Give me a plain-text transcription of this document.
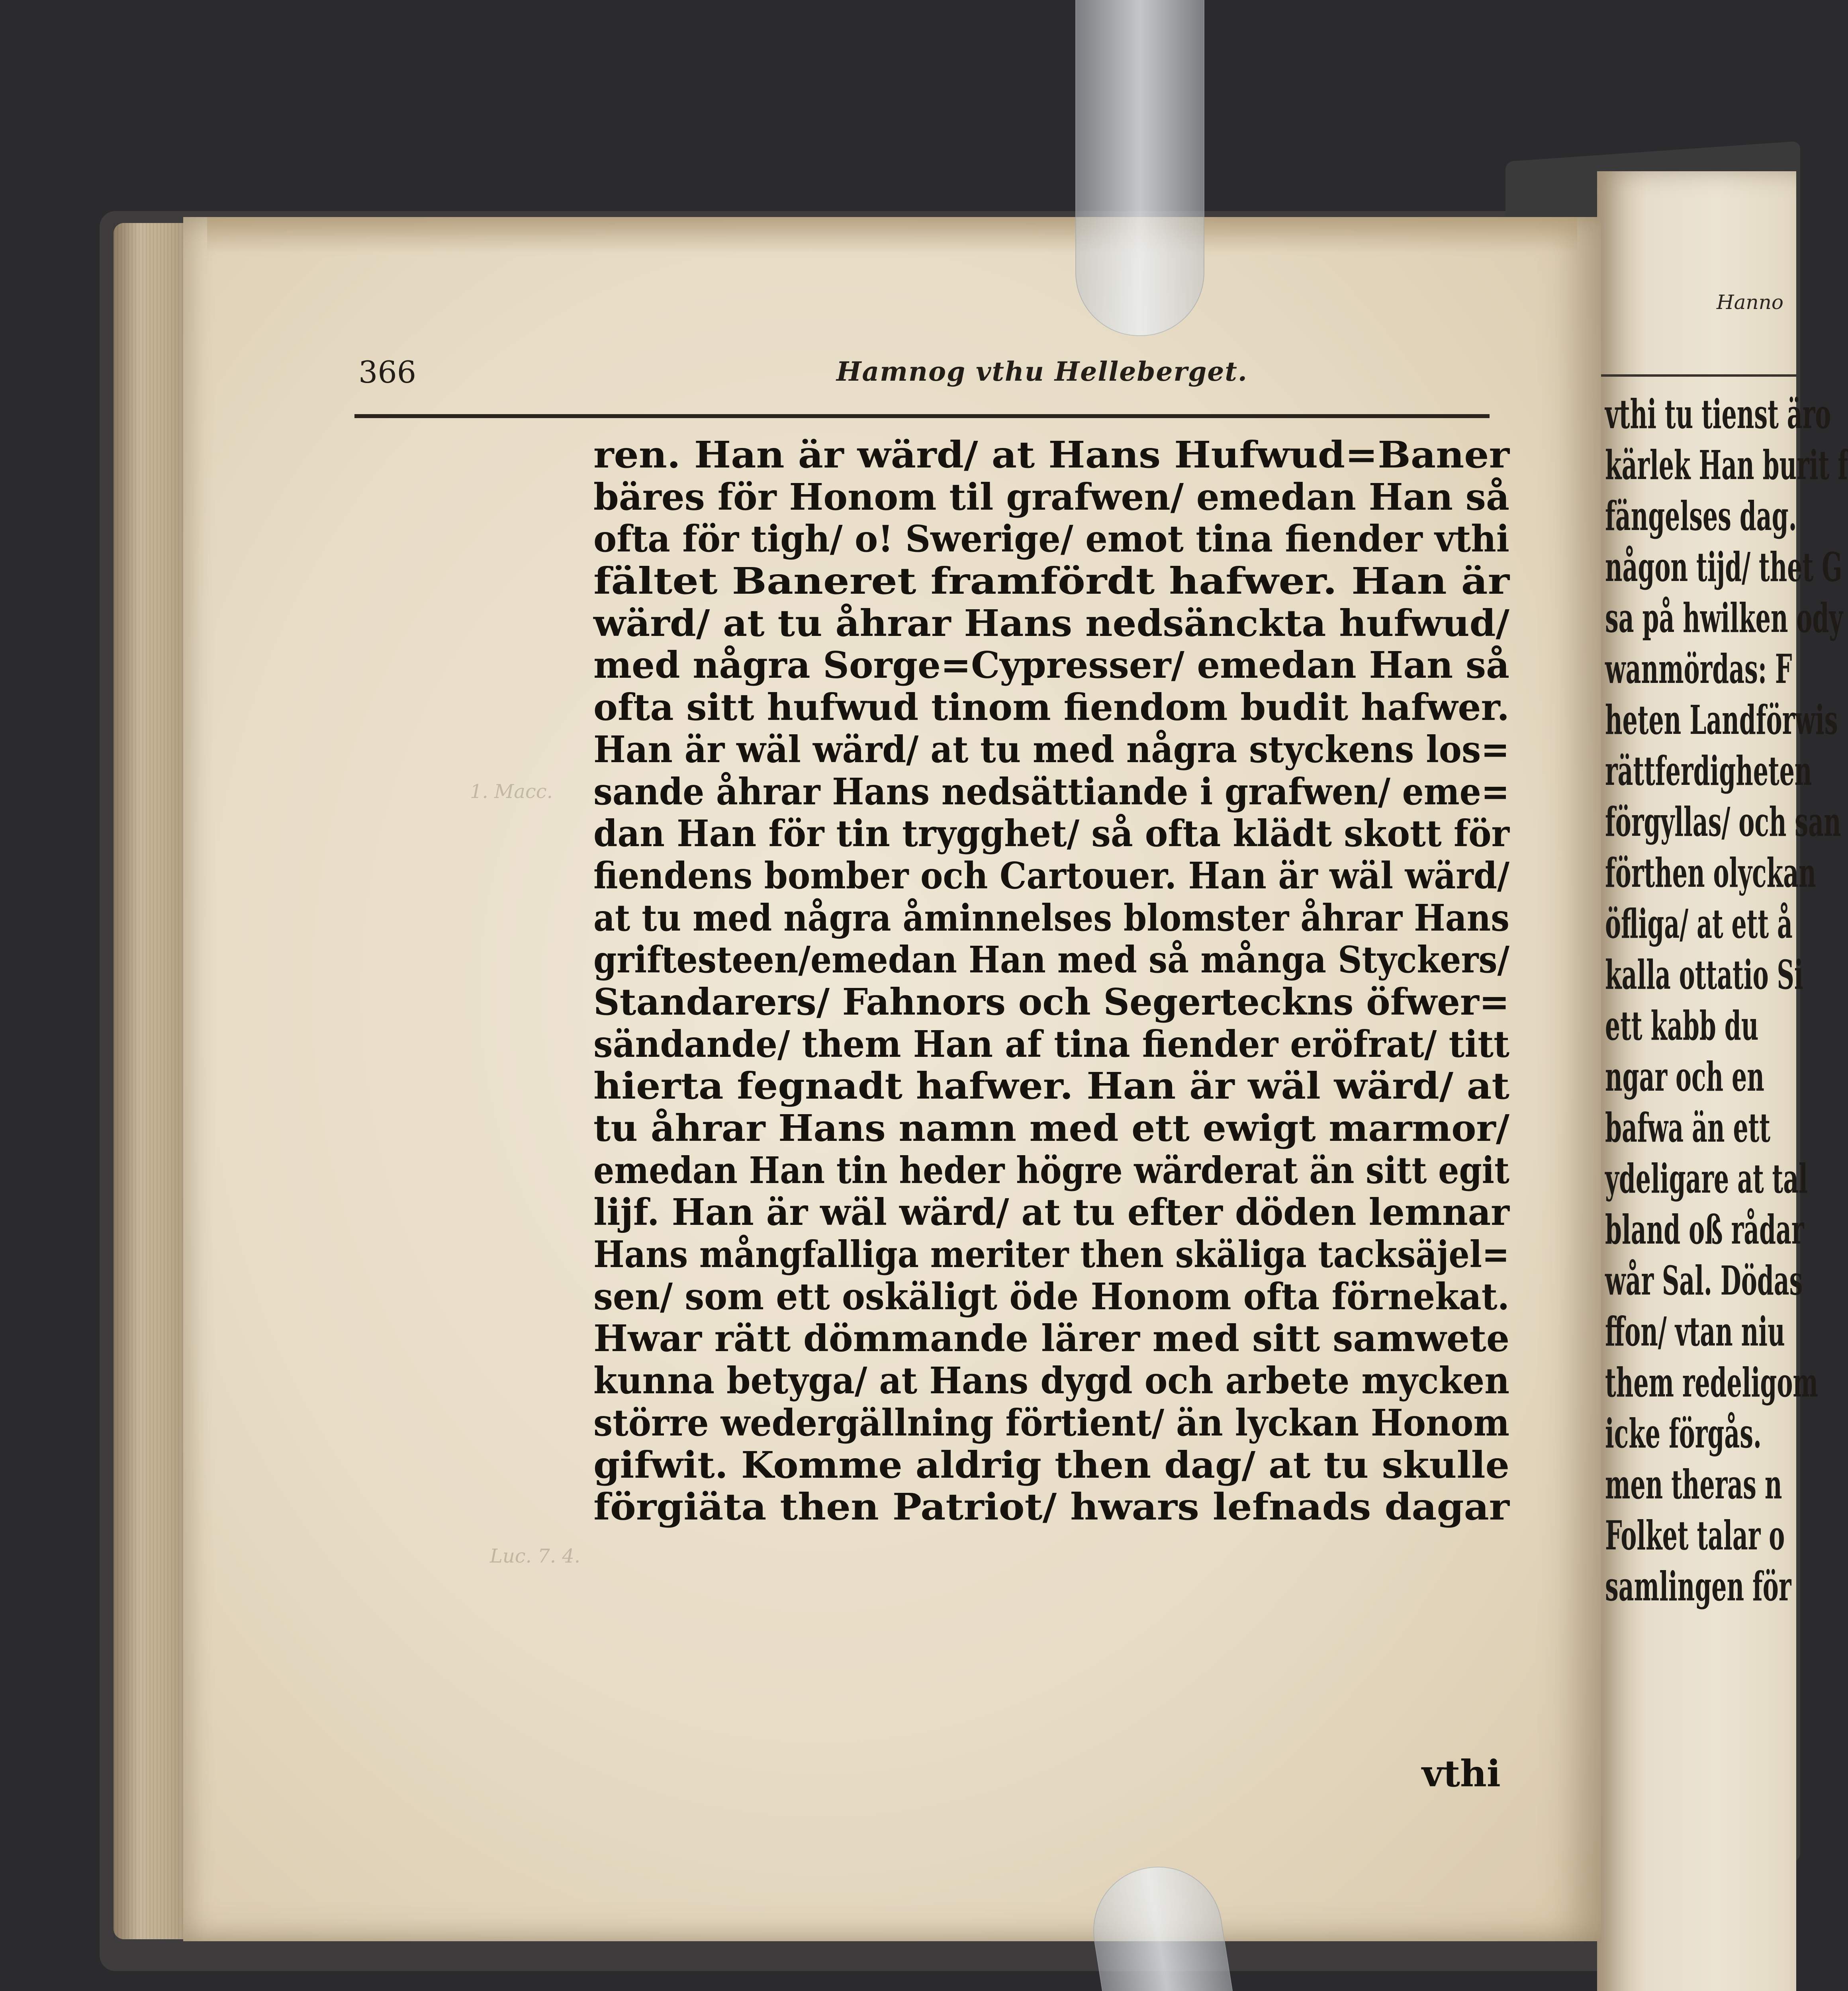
Hanno
vthi tu tienst äro
kärlek Han burit f
fängelses dag.
någon tijd/ thet G
sa på hwilken ody
wanmördas: F
heten Landförwis
rättferdigheten
förgyllas/ och san
förthen olyckan
öfliga/ at ett å
kalla ottatio Si
ett kabb du
ngar och en
bafwa än ett
ydeligare at tal
bland oß rådar
wår Sal. Dödas
ffon/ vtan niu
them redeligom
icke förgås.
men theras n
Folket talar o
samlingen för
366	Hamnog vthu Helleberget.
1. Macc.
Luc. 7. 4.
ren. Han är wärd/ at Hans Hufwud=Baner
bäres för Honom til grafwen/ emedan Han så
ofta för tigh/ o! Swerige/ emot tina fiender vthi
fältet Baneret framfördt hafwer. Han är
wärd/ at tu åhrar Hans nedsänckta hufwud/
med några Sorge=Cypresser/ emedan Han så
ofta sitt hufwud tinom fiendom budit hafwer.
Han är wäl wärd/ at tu med några styckens los=
sande åhrar Hans nedsättiande i grafwen/ eme=
dan Han för tin trygghet/ så ofta klädt skott för
fiendens bomber och Cartouer. Han är wäl wärd/
at tu med några åminnelses blomster åhrar Hans
griftesteen/emedan Han med så många Styckers/
Standarers/ Fahnors och Segerteckns öfwer=
sändande/ them Han af tina fiender eröfrat/ titt
hierta fegnadt hafwer. Han är wäl wärd/ at
tu åhrar Hans namn med ett ewigt marmor/
emedan Han tin heder högre wärderat än sitt egit
lijf. Han är wäl wärd/ at tu efter döden lemnar
Hans mångfalliga meriter then skäliga tacksäjel=
sen/ som ett oskäligt öde Honom ofta förnekat.
Hwar rätt dömmande lärer med sitt samwete
kunna betyga/ at Hans dygd och arbete mycken
större wedergällning förtient/ än lyckan Honom
gifwit. Komme aldrig then dag/ at tu skulle
förgiäta then Patriot/ hwars lefnads dagar
vthi
